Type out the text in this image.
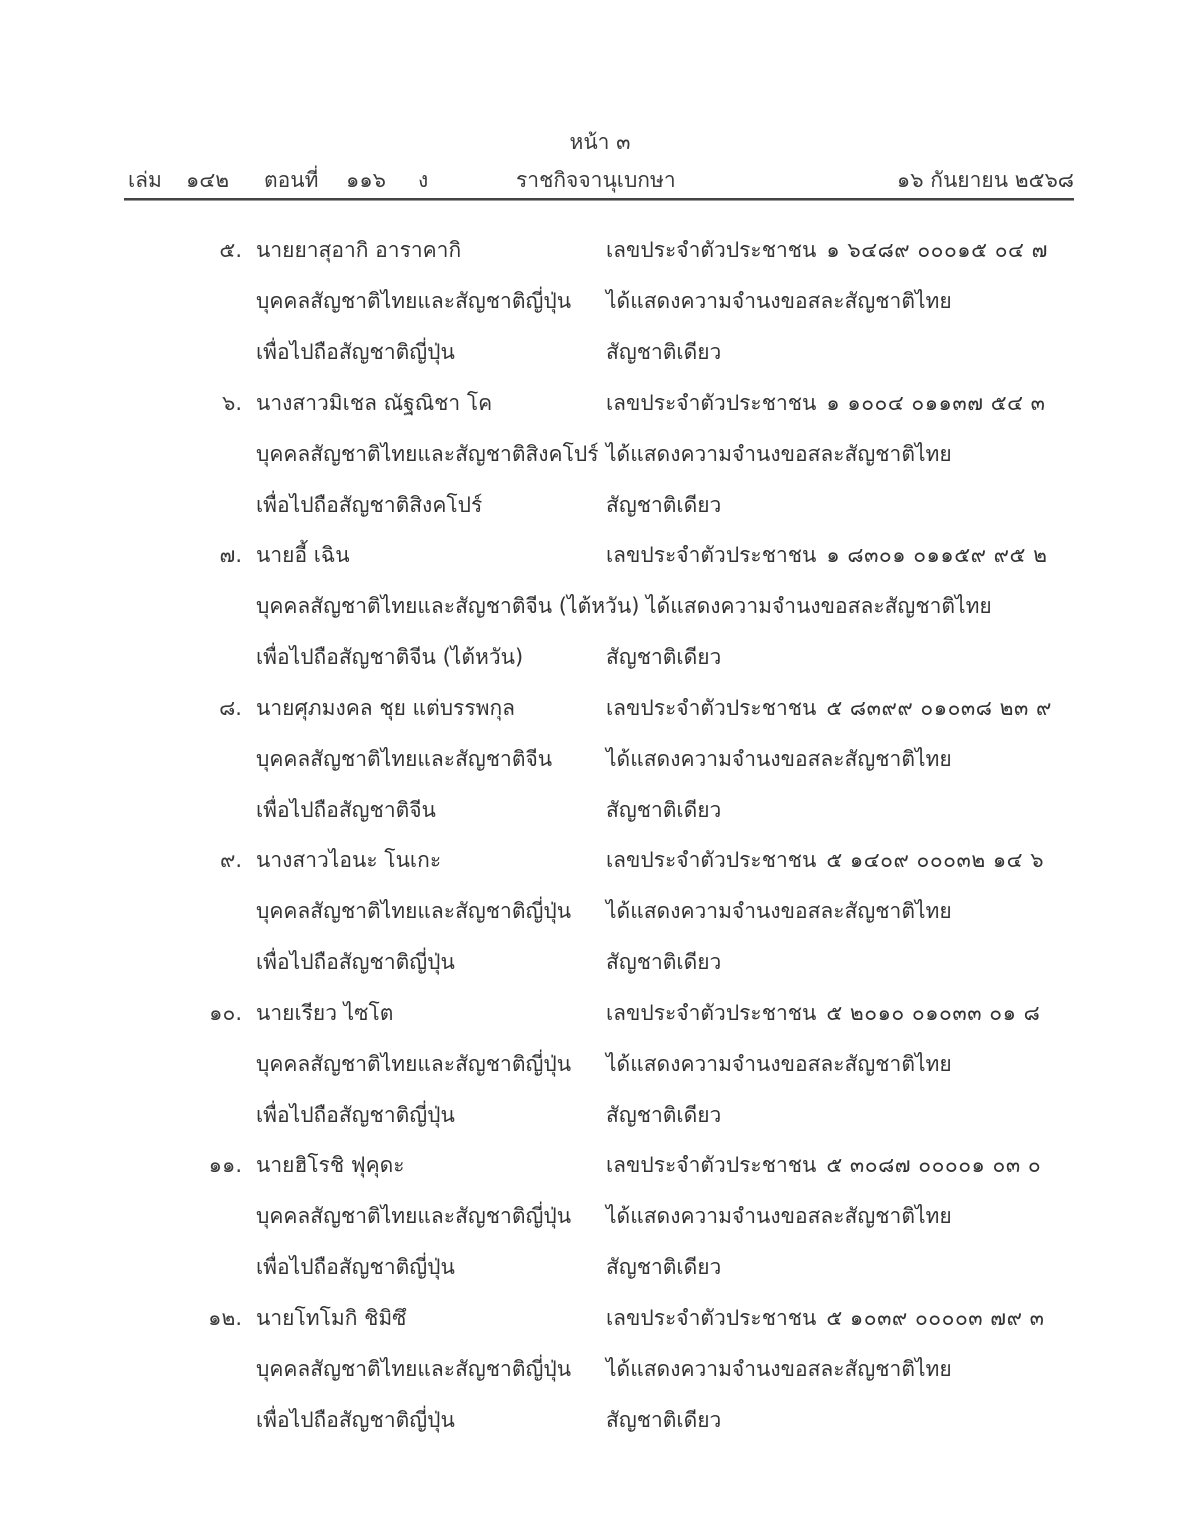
หน้า ๓
เล่ม ๑๔๒ ตอนที่ ๑๑๖ ง	ราชกิจจานุเบกษา	๑๖ กันยายน ๒๕๖๘
๕. นายยาสุอากิ อาราคากิ	เลขประจำตัวประชาชน ๑ ๖๔๘๙ ๐๐๐๑๕ ๐๔ ๗
บุคคลสัญชาติไทยและสัญชาติญี่ปุ่น ได้แสดงความจำนงขอสละสัญชาติไทย
เพื่อไปถือสัญชาติญี่ปุ่น	สัญชาติเดียว
๖. นางสาวมิเชล ณัฐณิชา โค	เลขประจำตัวประชาชน ๑ ๑๐๐๔ ๐๑๑๓๗ ๕๔ ๓
บุคคลสัญชาติไทยและสัญชาติสิงคโปร์ ได้แสดงความจำนงขอสละสัญชาติไทย
เพื่อไปถือสัญชาติสิงคโปร์	สัญชาติเดียว
๗. นายอี้ เฉิน	เลขประจำตัวประชาชน ๑ ๘๓๐๑ ๐๑๑๕๙ ๙๕ ๒
บุคคลสัญชาติไทยและสัญชาติจีน (ไต้หวัน) ได้แสดงความจำนงขอสละสัญชาติไทย
เพื่อไปถือสัญชาติจีน (ไต้หวัน)	สัญชาติเดียว
๘. นายศุภมงคล ชุย แต่บรรพกุล	เลขประจำตัวประชาชน ๕ ๘๓๙๙ ๐๑๐๓๘ ๒๓ ๙
บุคคลสัญชาติไทยและสัญชาติจีน	ได้แสดงความจำนงขอสละสัญชาติไทย
เพื่อไปถือสัญชาติจีน	สัญชาติเดียว
๙. นางสาวไอนะ โนเกะ	เลขประจำตัวประชาชน ๕ ๑๔๐๙ ๐๐๐๓๒ ๑๔ ๖
บุคคลสัญชาติไทยและสัญชาติญี่ปุ่น ได้แสดงความจำนงขอสละสัญชาติไทย
เพื่อไปถือสัญชาติญี่ปุ่น	สัญชาติเดียว
๑๐. นายเรียว ไซโต	เลขประจำตัวประชาชน ๕ ๒๐๑๐ ๐๑๐๓๓ ๐๑ ๘
บุคคลสัญชาติไทยและสัญชาติญี่ปุ่น ได้แสดงความจำนงขอสละสัญชาติไทย
เพื่อไปถือสัญชาติญี่ปุ่น	สัญชาติเดียว
๑๑. นายฮิโรชิ ฟุคุดะ	เลขประจำตัวประชาชน ๕ ๓๐๘๗ ๐๐๐๐๑ ๐๓ ๐
บุคคลสัญชาติไทยและสัญชาติญี่ปุ่น ได้แสดงความจำนงขอสละสัญชาติไทย
เพื่อไปถือสัญชาติญี่ปุ่น	สัญชาติเดียว
๑๒. นายโทโมกิ ชิมิซึ	เลขประจำตัวประชาชน ๕ ๑๐๓๙ ๐๐๐๐๓ ๗๙ ๓
บุคคลสัญชาติไทยและสัญชาติญี่ปุ่น ได้แสดงความจำนงขอสละสัญชาติไทย
เพื่อไปถือสัญชาติญี่ปุ่น	สัญชาติเดียว
